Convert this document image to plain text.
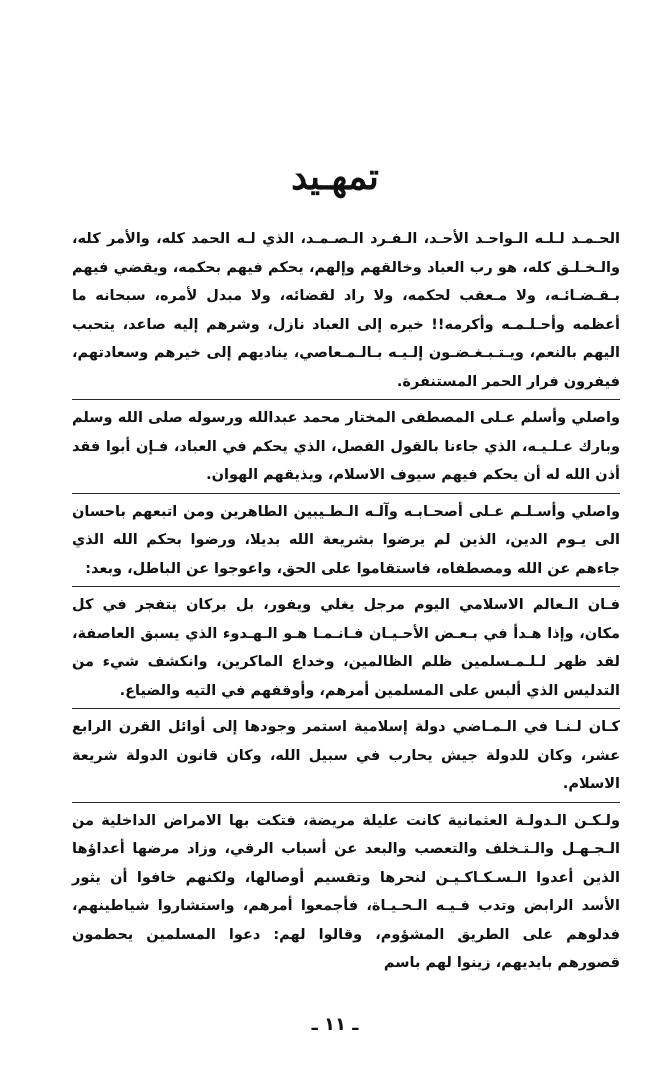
تمهـيد

الحـمـد لـلـه الـواحـد الأحـد، الـفـرد الـصـمـد، الذي لـه الحمد كله، والأمر كله، والـخـلـق كله، هو رب العباد وخالقهم وإلهم، يحكم فيهم بحكمه، ويقضي فيهم بـقـضـائـه، ولا مـعقب لحكمه، ولا راد لقضائه، ولا مبدل لأمره، سبحانه ما أعظمه وأحـلـمـه وأكرمه!! خيره إلى العباد نازل، وشرهم إليه صاعد، يتحبب اليهم بالنعم، ويـتـبـغـضـون إلـيـه بـالـمـعاصي، يناديهم إلى خيرهم وسعادتهم، فيفرون فرار الحمر المستنفرة.

واصلي وأسلم عـلى المصطفى المختار محمد عبدالله ورسوله صلى الله وسلم وبارك عـلـيـه، الذي جاءنا بالقول الفصل، الذي يحكم في العباد، فـإن أبوا فقد أذن الله له أن يحكم فيهم سيوف الاسلام، ويذيقهم الهوان.

واصلي وأسـلـم عـلى أصحـابـه وآلـه الـطـيبين الطاهرين ومن اتبعهم باحسان الى يـوم الدين، الذين لم يرضوا بشريعة الله بديلا، ورضوا بحكم الله الذي جاءهم عن الله ومصطفاه، فاستقاموا على الحق، واعوجوا عن الباطل، وبعد:

فـان الـعالم الاسلامي اليوم مرجل يغلي ويفور، بل بركان يتفجر في كل مكان، وإذا هـدأ في بـعـض الأحـيـان فـانـمـا هـو الـهـدوء الذي يسبق العاصفة، لقد ظهر لـلـمـسلمين ظلم الظالمين، وخداع الماكرين، وانكشف شيء من التدليس الذي ألبس على المسلمين أمرهم، وأوقفهم في التيه والضياع.

كـان لـنـا في الـمـاضي دولة إسلامية استمر وجودها إلى أوائل القرن الرابع عشر، وكان للدولة جيش يحارب في سبيل الله، وكان قانون الدولة شريعة الاسلام.

ولـكـن الـدولـة العثمانية كانت عليلة مريضة، فتكت بها الامراض الداخلية من الـجـهـل والـتـخلف والتعصب والبعد عن أسباب الرقي، وزاد مرضها أعداؤها الذين أعدوا الـسـكـاكـيـن لنحرها وتقسيم أوصالها، ولكنهم خافوا أن يثور الأسد الرابض وتدب فـيـه الـحـيـاة، فأجمعوا أمرهم، واستشاروا شياطينهم، فدلوهم على الطريق المشؤوم، وقالوا لهم: دعوا المسلمين يحطمون قصورهم بايديهم، زينوا لهم باسم

ـ ١١ ـ
